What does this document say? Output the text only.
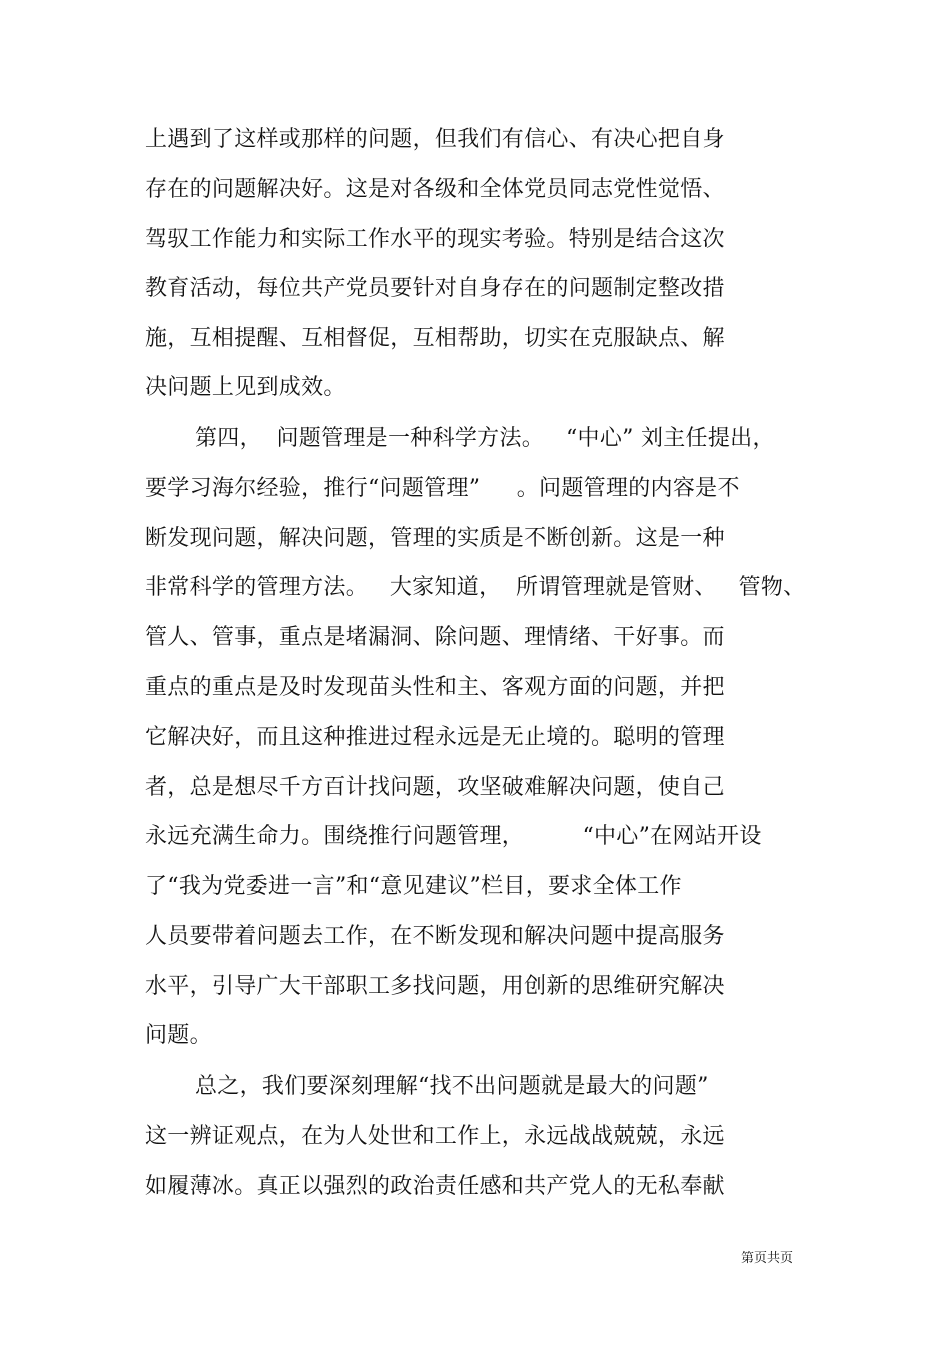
上遇到了这样或那样的问题，但我们有信心、有决心把自身
存在的问题解决好。这是对各级和全体党员同志党性觉悟、
驾驭工作能力和实际工作水平的现实考验。特别是结合这次
教育活动，每位共产党员要针对自身存在的问题制定整改措
施，互相提醒、互相督促，互相帮助，切实在克服缺点、解
决问题上见到成效。
第四，  问题管理是一种科学方法。   “中心” 刘主任提出，
要学习海尔经验，推行“问题管理”     。问题管理的内容是不
断发现问题，解决问题，管理的实质是不断创新。这是一种
非常科学的管理方法。   大家知道，  所谓管理就是管财、   管物、
管人、管事，重点是堵漏洞、除问题、理情绪、干好事。而
重点的重点是及时发现苗头性和主、客观方面的问题，并把
它解决好，而且这种推进过程永远是无止境的。聪明的管理
者，总是想尽千方百计找问题，攻坚破难解决问题，使自己
永远充满生命力。围绕推行问题管理，        “中心”在网站开设
了“我为党委进一言”和“意见建议”栏目，要求全体工作
人员要带着问题去工作，在不断发现和解决问题中提高服务
水平，引导广大干部职工多找问题，用创新的思维研究解决
问题。
总之，我们要深刻理解“找不出问题就是最大的问题”
这一辨证观点，在为人处世和工作上，永远战战兢兢，永远
如履薄冰。真正以强烈的政治责任感和共产党人的无私奉献
第页共页
